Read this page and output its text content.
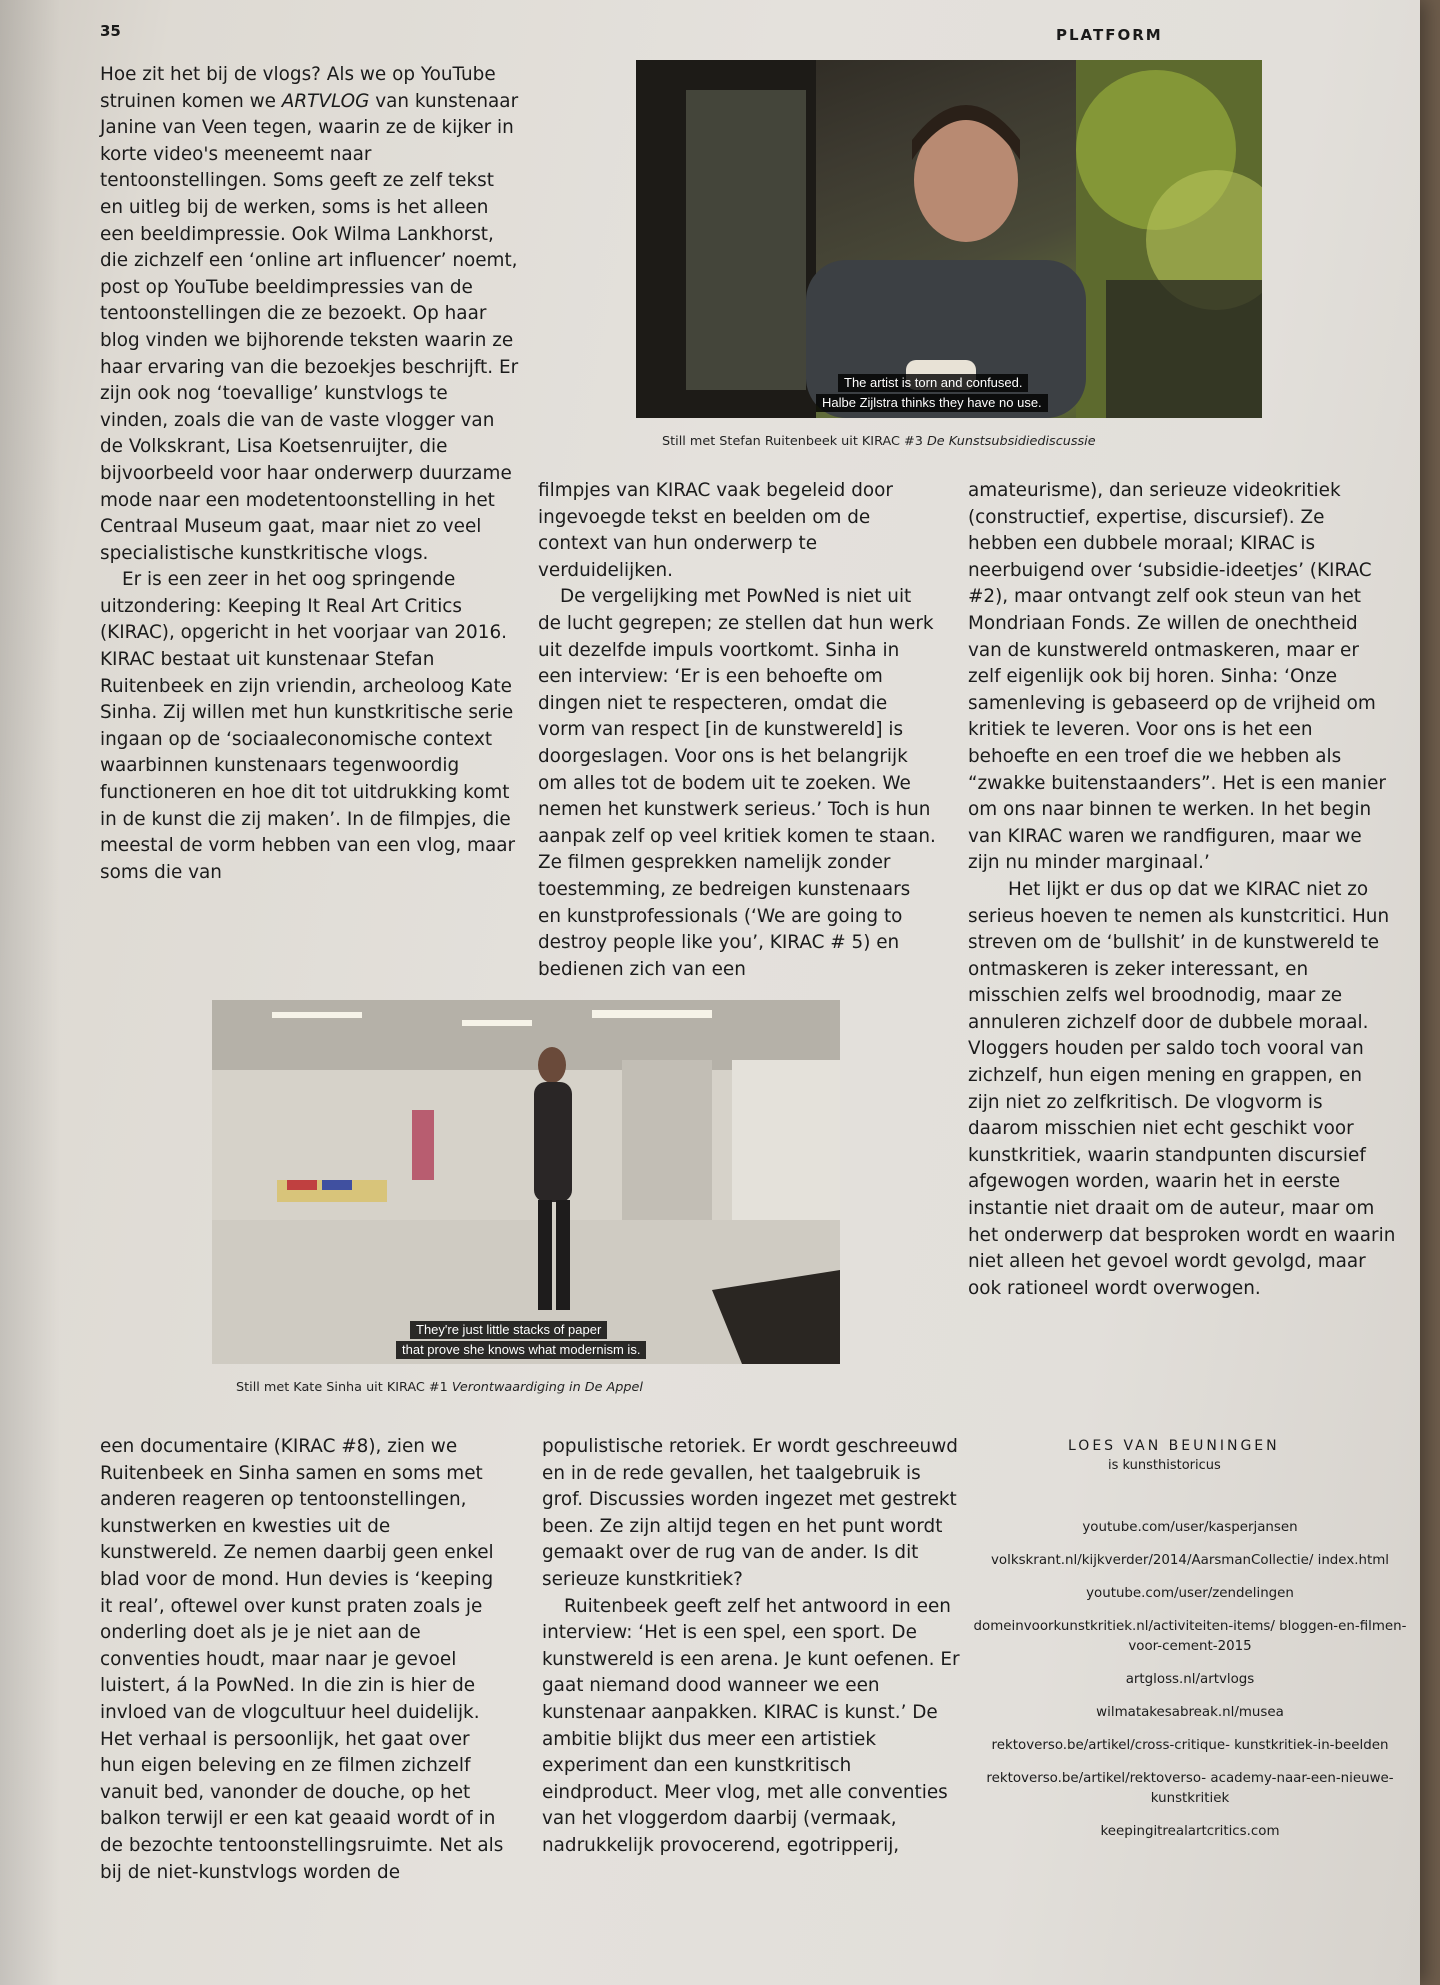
35	PLATFORM

Hoe zit het bij de vlogs? Als we op YouTube struinen komen we ARTVLOG van kunstenaar Janine van Veen tegen, waarin ze de kijker in korte video's meeneemt naar tentoonstellingen. Soms geeft ze zelf tekst en uitleg bij de werken, soms is het alleen een beeldimpressie. Ook Wilma Lankhorst, die zichzelf een ‘online art influencer’ noemt, post op YouTube beeldimpressies van de tentoonstellingen die ze bezoekt. Op haar blog vinden we bijhorende teksten waarin ze haar ervaring van die bezoekjes beschrijft. Er zijn ook nog ‘toevallige’ kunstvlogs te vinden, zoals die van de vaste vlogger van de Volkskrant, Lisa Koetsenruijter, die bijvoorbeeld voor haar onderwerp duurzame mode naar een modetentoonstelling in het Centraal Museum gaat, maar niet zo veel specialistische kunstkritische vlogs.

Er is een zeer in het oog springende uitzondering: Keeping It Real Art Critics (KIRAC), opgericht in het voorjaar van 2016. KIRAC bestaat uit kunstenaar Stefan Ruitenbeek en zijn vriendin, archeoloog Kate Sinha. Zij willen met hun kunstkritische serie ingaan op de ‘sociaaleconomische context waarbinnen kunstenaars tegenwoordig functioneren en hoe dit tot uitdrukking komt in de kunst die zij maken’. In de filmpjes, die meestal de vorm hebben van een vlog, maar soms die van

The artist is torn and confused.
Halbe Zijlstra thinks they have no use.
Still met Stefan Ruitenbeek uit KIRAC #3 De Kunstsubsidiediscussie

filmpjes van KIRAC vaak begeleid door ingevoegde tekst en beelden om de context van hun onderwerp te verduidelijken.

De vergelijking met PowNed is niet uit de lucht gegrepen; ze stellen dat hun werk uit dezelfde impuls voortkomt. Sinha in een interview: ‘Er is een behoefte om dingen niet te respecteren, omdat die vorm van respect [in de kunstwereld] is doorgeslagen. Voor ons is het belangrijk om alles tot de bodem uit te zoeken. We nemen het kunstwerk serieus.’ Toch is hun aanpak zelf op veel kritiek komen te staan. Ze filmen gesprekken namelijk zonder toestemming, ze bedreigen kunstenaars en kunstprofessionals (‘We are going to destroy people like you’, KIRAC # 5) en bedienen zich van een

amateurisme), dan serieuze videokritiek (constructief, expertise, discursief). Ze hebben een dubbele moraal; KIRAC is neerbuigend over ‘subsidie-ideetjes’ (KIRAC #2), maar ontvangt zelf ook steun van het Mondriaan Fonds. Ze willen de onechtheid van de kunstwereld ontmaskeren, maar er zelf eigenlijk ook bij horen. Sinha: ‘Onze samenleving is gebaseerd op de vrijheid om kritiek te leveren. Voor ons is het een behoefte en een troef die we hebben als “zwakke buitenstaanders”. Het is een manier om ons naar binnen te werken. In het begin van KIRAC waren we randfiguren, maar we zijn nu minder marginaal.’

Het lijkt er dus op dat we KIRAC niet zo serieus hoeven te nemen als kunstcritici. Hun streven om de ‘bullshit’ in de kunstwereld te ontmaskeren is zeker interessant, en misschien zelfs wel broodnodig, maar ze annuleren zichzelf door de dubbele moraal. Vloggers houden per saldo toch vooral van zichzelf, hun eigen mening en grappen, en zijn niet zo zelfkritisch. De vlogvorm is daarom misschien niet echt geschikt voor kunstkritiek, waarin standpunten discursief afgewogen worden, waarin het in eerste instantie niet draait om de auteur, maar om het onderwerp dat besproken wordt en waarin niet alleen het gevoel wordt gevolgd, maar ook rationeel wordt overwogen.

They're just little stacks of paper
that prove she knows what modernism is.
Still met Kate Sinha uit KIRAC #1 Verontwaardiging in De Appel

een documentaire (KIRAC #8), zien we Ruitenbeek en Sinha samen en soms met anderen reageren op tentoonstellingen, kunstwerken en kwesties uit de kunstwereld. Ze nemen daarbij geen enkel blad voor de mond. Hun devies is ‘keeping it real’, oftewel over kunst praten zoals je onderling doet als je je niet aan de conventies houdt, maar naar je gevoel luistert, á la PowNed. In die zin is hier de invloed van de vlogcultuur heel duidelijk. Het verhaal is persoonlijk, het gaat over hun eigen beleving en ze filmen zichzelf vanuit bed, vanonder de douche, op het balkon terwijl er een kat geaaid wordt of in de bezochte tentoonstellingsruimte. Net als bij de niet-kunstvlogs worden de

populistische retoriek. Er wordt geschreeuwd en in de rede gevallen, het taalgebruik is grof. Discussies worden ingezet met gestrekt been. Ze zijn altijd tegen en het punt wordt gemaakt over de rug van de ander. Is dit serieuze kunstkritiek?

Ruitenbeek geeft zelf het antwoord in een interview: ‘Het is een spel, een sport. De kunstwereld is een arena. Je kunt oefenen. Er gaat niemand dood wanneer we een kunstenaar aanpakken. KIRAC is kunst.’ De ambitie blijkt dus meer een artistiek experiment dan een kunstkritisch eindproduct. Meer vlog, met alle conventies van het vloggerdom daarbij (vermaak, nadrukkelijk provocerend, egotripperij,

LOES VAN BEUNINGEN
is kunsthistoricus
youtube.com/user/kasperjansen
volkskrant.nl/kijkverder/2014/AarsmanCollectie/ index.html
youtube.com/user/zendelingen
domeinvoorkunstkritiek.nl/activiteiten-items/ bloggen-en-filmen-voor-cement-2015
artgloss.nl/artvlogs
wilmatakesabreak.nl/musea
rektoverso.be/artikel/cross-critique- kunstkritiek-in-beelden
rektoverso.be/artikel/rektoverso- academy-naar-een-nieuwe-kunstkritiek
keepingitrealartcritics.com
